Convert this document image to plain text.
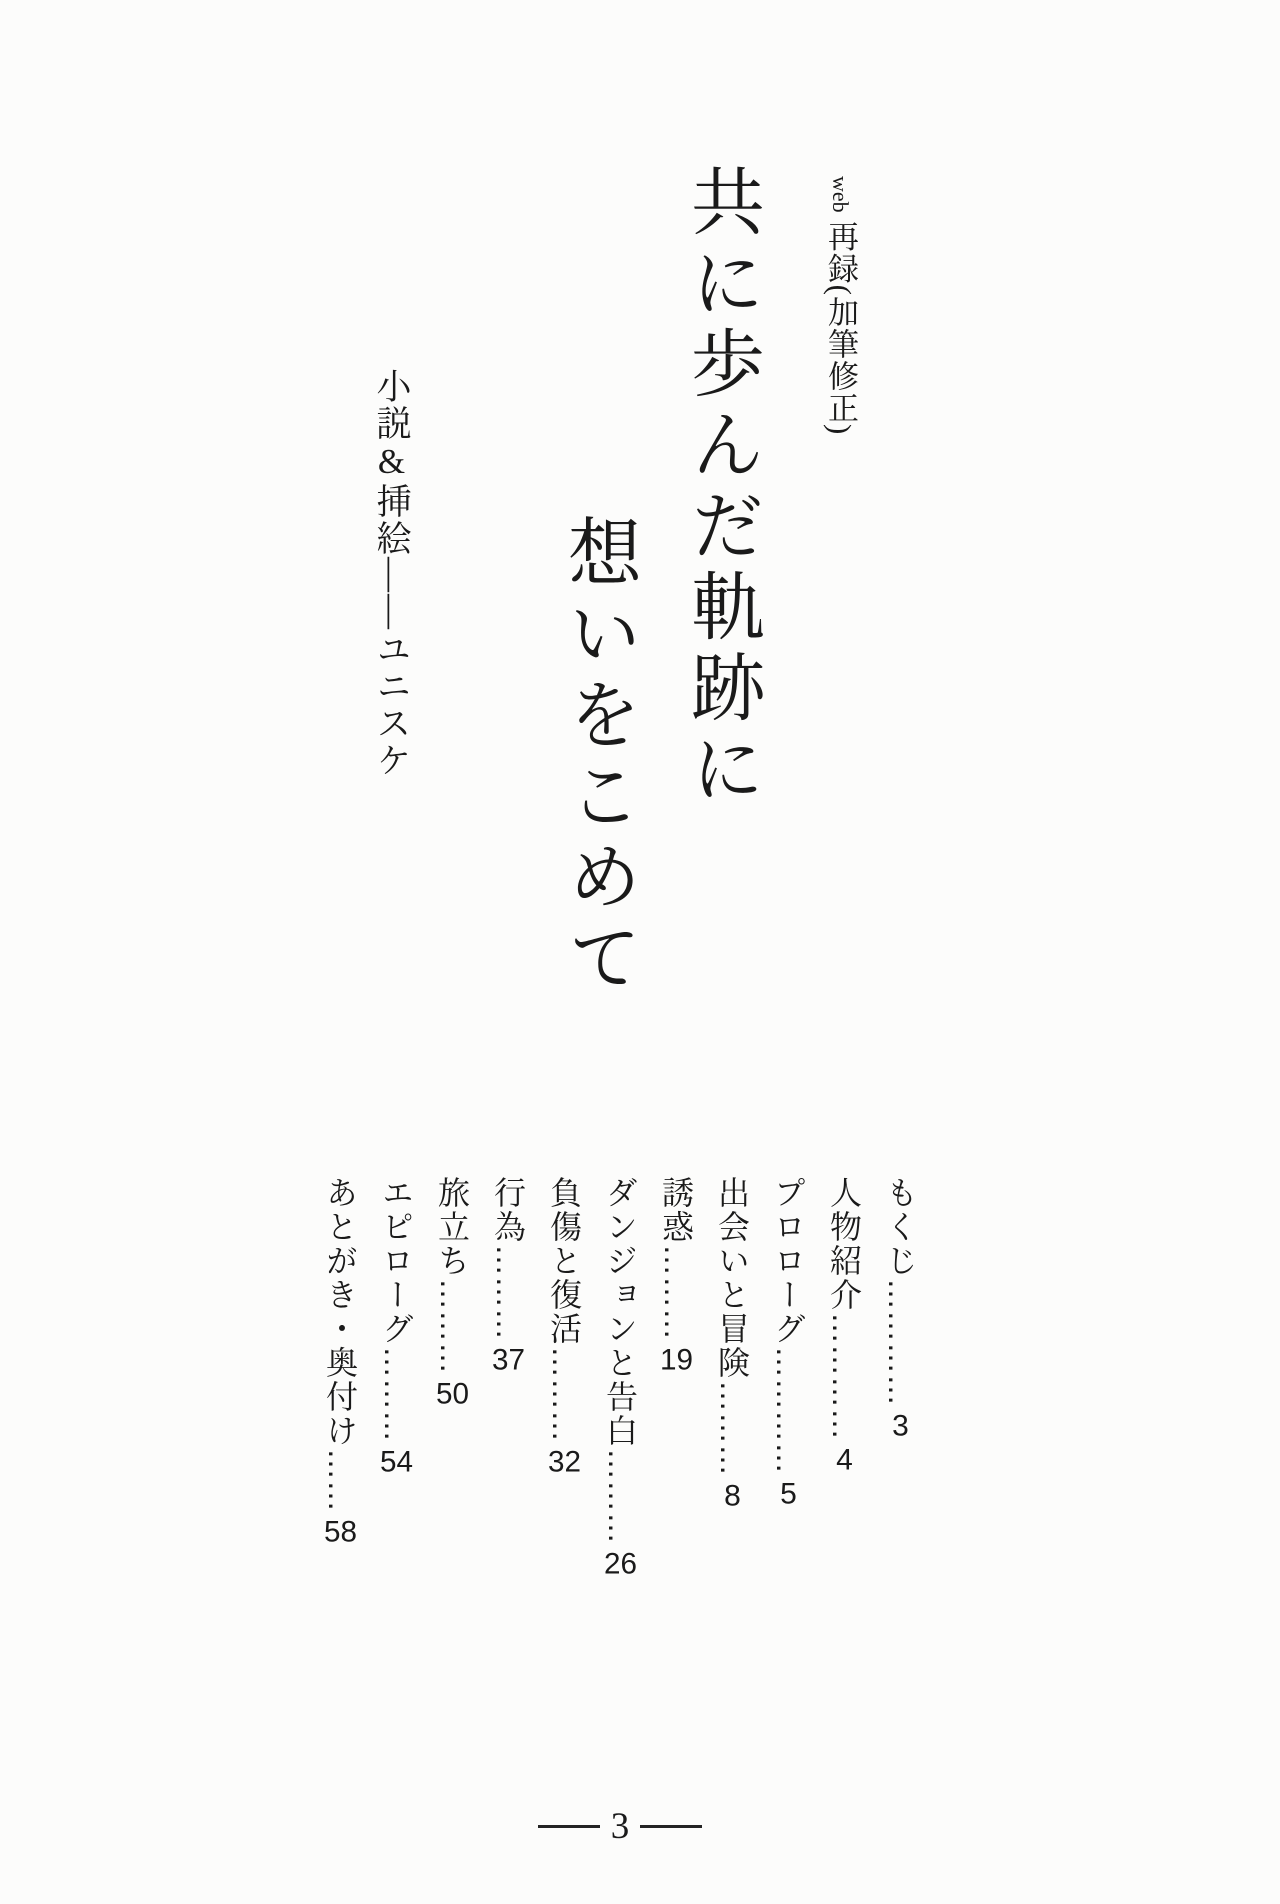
web再録(加筆修正)
共に歩んだ軌跡に
想いをこめて
小説&挿絵——ユニスケ
もくじ…………3
人物紹介…………4
プロローグ…………5
出会いと冒険………8
誘惑………19
ダンジョンと告白………26
負傷と復活………32
行為………37
旅立ち………50
エピローグ………54
あとがき・奥付け……58
3
